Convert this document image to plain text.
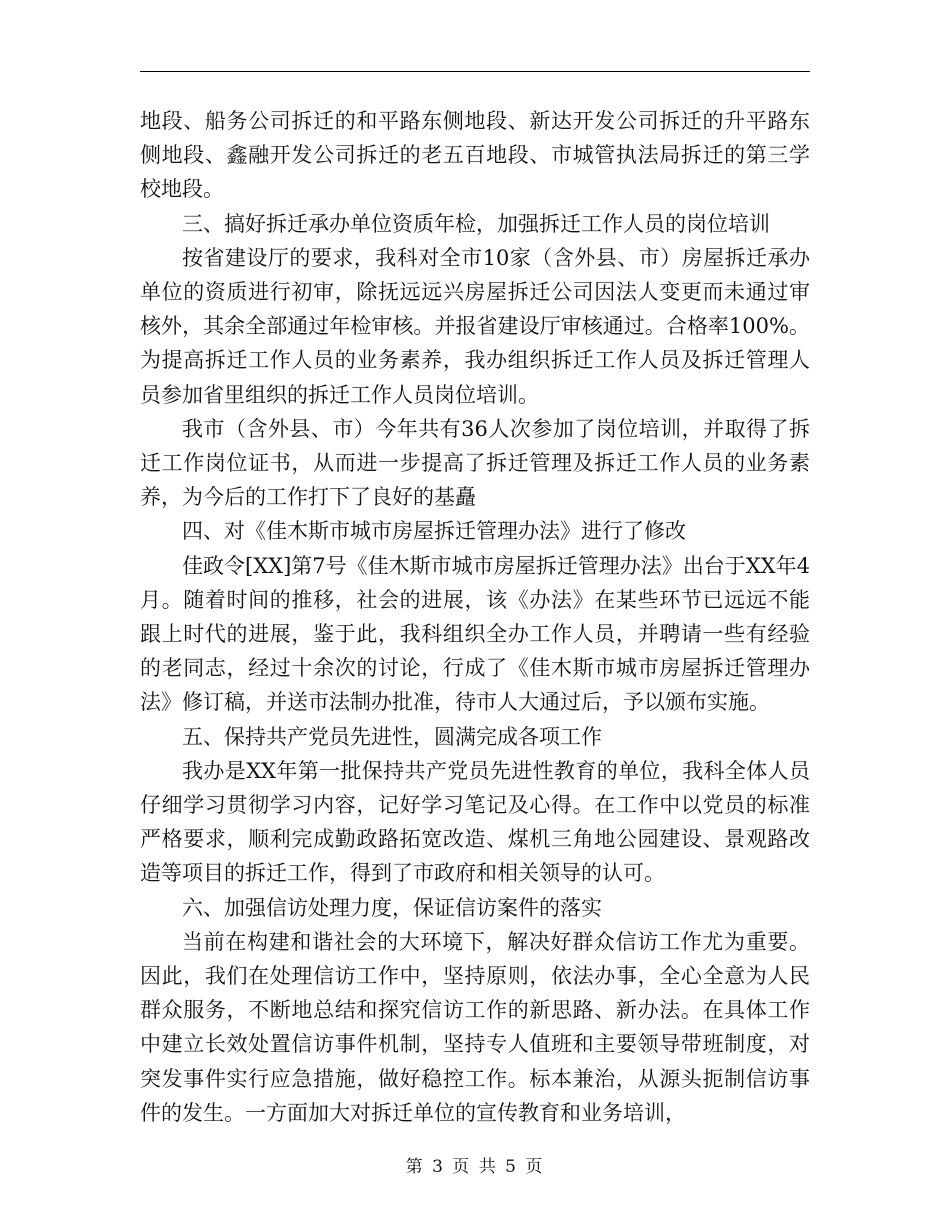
地段、船务公司拆迁的和平路东侧地段、新达开发公司拆迁的升平路东侧地段、鑫融开发公司拆迁的老五百地段、市城管执法局拆迁的第三学校地段。

三、搞好拆迁承办单位资质年检，加强拆迁工作人员的岗位培训

按省建设厅的要求，我科对全市10家（含外县、市）房屋拆迁承办单位的资质进行初审，除抚远远兴房屋拆迁公司因法人变更而未通过审核外，其余全部通过年检审核。并报省建设厅审核通过。合格率100%。为提高拆迁工作人员的业务素养，我办组织拆迁工作人员及拆迁管理人员参加省里组织的拆迁工作人员岗位培训。

我市（含外县、市）今年共有36人次参加了岗位培训，并取得了拆迁工作岗位证书，从而进一步提高了拆迁管理及拆迁工作人员的业务素养，为今后的工作打下了良好的基矗

四、对《佳木斯市城市房屋拆迁管理办法》进行了修改

佳政令[XX]第7号《佳木斯市城市房屋拆迁管理办法》出台于XX年4月。随着时间的推移，社会的进展，该《办法》在某些环节已远远不能跟上时代的进展，鉴于此，我科组织全办工作人员，并聘请一些有经验的老同志，经过十余次的讨论，行成了《佳木斯市城市房屋拆迁管理办法》修订稿，并送市法制办批准，待市人大通过后，予以颁布实施。

五、保持共产党员先进性，圆满完成各项工作

我办是XX年第一批保持共产党员先进性教育的单位，我科全体人员仔细学习贯彻学习内容，记好学习笔记及心得。在工作中以党员的标准严格要求，顺利完成勤政路拓宽改造、煤机三角地公园建设、景观路改造等项目的拆迁工作，得到了市政府和相关领导的认可。

六、加强信访处理力度，保证信访案件的落实

当前在构建和谐社会的大环境下，解决好群众信访工作尤为重要。因此，我们在处理信访工作中，坚持原则，依法办事，全心全意为人民群众服务，不断地总结和探究信访工作的新思路、新办法。在具体工作中建立长效处置信访事件机制，坚持专人值班和主要领导带班制度，对突发事件实行应急措施，做好稳控工作。标本兼治，从源头扼制信访事件的发生。一方面加大对拆迁单位的宣传教育和业务培训，

第 3 页 共 5 页
